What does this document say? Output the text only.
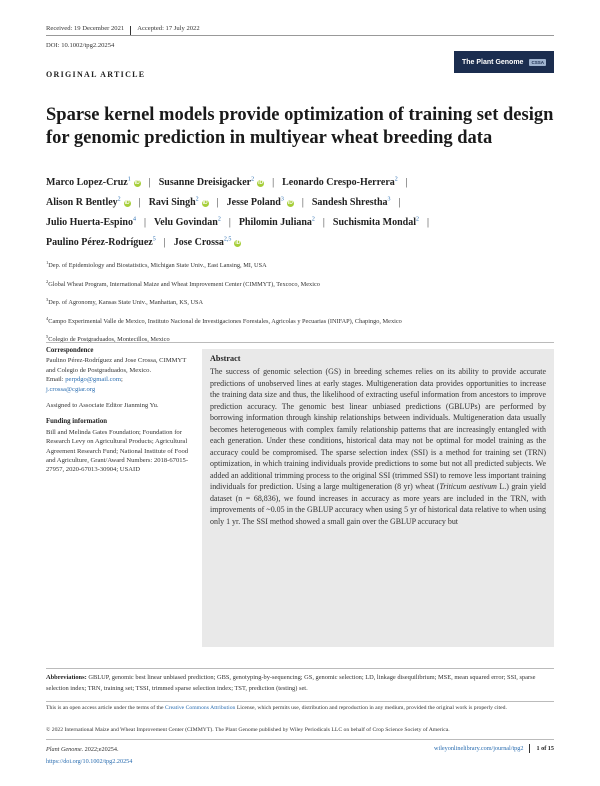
Received: 19 December 2021 Accepted: 17 July 2022
DOI: 10.1002/tpg2.20254
ORIGINAL ARTICLE
The Plant Genome	CSSA
Sparse kernel models provide optimization of training set design for genomic prediction in multiyear wheat breeding data
Marco Lopez-Cruz$^1$iD | Susanne Dreisigacker$^2$iD | Leonardo Crespo-Herrera$^2$ |
Alison R Bentley$^2$iD | Ravi Singh$^2$iD | Jesse Poland$^3$iD | Sandesh Shrestha$^3$ |
Julio Huerta-Espino$^4$ | Velu Govindan$^2$ | Philomin Juliana$^2$ | Suchismita Mondal$^2$ |
Paulino Pérez-Rodríguez$^5$ | Jose Crossa$^{2,5}$iD
$^1$Dep. of Epidemiology and Biostatistics, Michigan State Univ., East Lansing, MI, USA
$^2$Global Wheat Program, International Maize and Wheat Improvement Center (CIMMYT), Texcoco, Mexico
$^3$Dep. of Agronomy, Kansas State Univ., Manhattan, KS, USA
$^4$Campo Experimental Valle de Mexico, Instituto Nacional de Investigaciones Forestales, Agricolas y Pecuarias (INIFAP), Chapingo, Mexico
$^5$Colegio de Postgraduados, Montecillos, Mexico
Correspondence
Paulino Pérez-Rodríguez and Jose Crossa, CIMMYT and Colegio de Postgraduados, Mexico.
Email: perpdgo@gmail.com;
j.crossa@cgiar.org
Assigned to Associate Editor Jianming Yu.
Funding information
Bill and Melinda Gates Foundation; Foundation for Research Levy on Agricultural Products; Agricultural Agreement Research Fund; National Institute of Food and Agriculture, Grant/Award Numbers: 2018-67015-27957, 2020-67013-30904; USAID
Abstract

The success of genomic selection (GS) in breeding schemes relies on its ability to provide accurate predictions of unobserved lines at early stages. Multigeneration data provides opportunities to increase the training data size and thus, the likelihood of extracting useful information from ancestors to improve prediction accuracy. The genomic best linear unbiased predictions (GBLUPs) are performed by borrowing information through kinship relationships between individuals. Multigeneration data usually becomes heterogeneous with complex family relationship patterns that are increasingly entangled with each generation. Under these conditions, historical data may not be optimal for model training as the accuracy could be compromised. The sparse selection index (SSI) is a method for training set (TRN) optimization, in which training individuals provide predictions to some but not all predicted subjects. We added an additional trimming process to the original SSI (trimmed SSI) to remove less important training individuals for prediction. Using a large multigeneration (8 yr) wheat (Triticum aestivum L.) grain yield dataset (n = 68,836), we found increases in accuracy as more years are included in the TRN, with improvements of ~0.05 in the GBLUP accuracy when using 5 yr of historical data relative to when using only 1 yr. The SSI method showed a small gain over the GBLUP accuracy but

Abbreviations: GBLUP, genomic best linear unbiased prediction; GBS, genotyping-by-sequencing; GS, genomic selection; LD, linkage disequilibrium; MSE, mean squared error; SSI, sparse selection index; TRN, training set; TSSI, trimmed sparse selection index; TST, prediction (testing) set.
This is an open access article under the terms of the Creative Commons Attribution License, which permits use, distribution and reproduction in any medium, provided the original work is properly cited.
© 2022 International Maize and Wheat Improvement Center (CIMMYT). The Plant Genome published by Wiley Periodicals LLC on behalf of Crop Science Society of America.
Plant Genome. 2022;e20254.
https://doi.org/10.1002/tpg2.20254
wileyonlinelibrary.com/journal/tpg2 1 of 15
